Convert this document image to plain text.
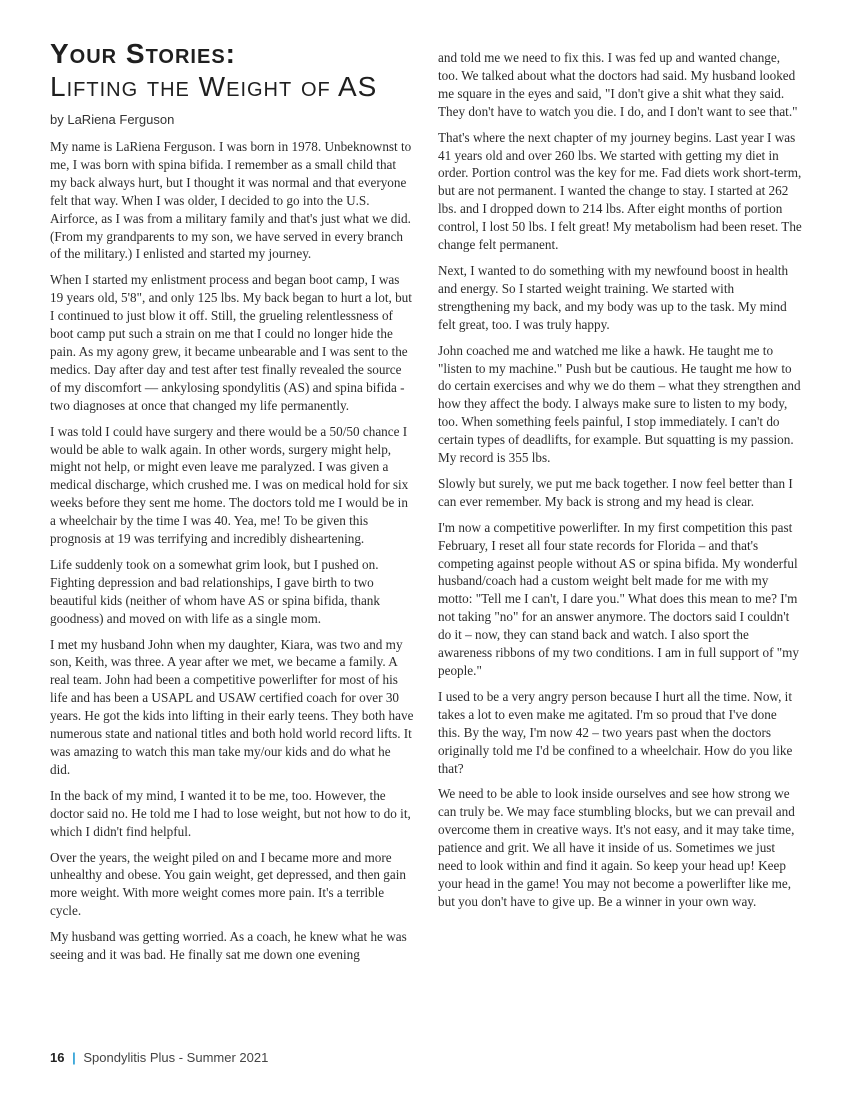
Your Stories:
Lifting the Weight of AS
by LaRiena Ferguson

My name is LaRiena Ferguson. I was born in 1978. Unbeknownst to me, I was born with spina bifida. I remember as a small child that my back always hurt, but I thought it was normal and that everyone felt that way. When I was older, I decided to go into the U.S. Airforce, as I was from a military family and that's just what we did. (From my grandparents to my son, we have served in every branch of the military.) I enlisted and started my journey.

When I started my enlistment process and began boot camp, I was 19 years old, 5'8", and only 125 lbs. My back began to hurt a lot, but I continued to just blow it off. Still, the grueling relentlessness of boot camp put such a strain on me that I could no longer hide the pain. As my agony grew, it became unbearable and I was sent to the medics. Day after day and test after test finally revealed the source of my discomfort — ankylosing spondylitis (AS) and spina bifida - two diagnoses at once that changed my life permanently.

I was told I could have surgery and there would be a 50/50 chance I would be able to walk again. In other words, surgery might help, might not help, or might even leave me paralyzed. I was given a medical discharge, which crushed me. I was on medical hold for six weeks before they sent me home. The doctors told me I would be in a wheelchair by the time I was 40. Yea, me! To be given this prognosis at 19 was terrifying and incredibly disheartening.

Life suddenly took on a somewhat grim look, but I pushed on. Fighting depression and bad relationships, I gave birth to two beautiful kids (neither of whom have AS or spina bifida, thank goodness) and moved on with life as a single mom.

I met my husband John when my daughter, Kiara, was two and my son, Keith, was three. A year after we met, we became a family. A real team. John had been a competitive powerlifter for most of his life and has been a USAPL and USAW certified coach for over 30 years. He got the kids into lifting in their early teens. They both have numerous state and national titles and both hold world record lifts. It was amazing to watch this man take my/our kids and do what he did.

In the back of my mind, I wanted it to be me, too. However, the doctor said no. He told me I had to lose weight, but not how to do it, which I didn't find helpful.

Over the years, the weight piled on and I became more and more unhealthy and obese. You gain weight, get depressed, and then gain more weight. With more weight comes more pain. It's a terrible cycle.

My husband was getting worried. As a coach, he knew what he was seeing and it was bad. He finally sat me down one evening

and told me we need to fix this. I was fed up and wanted change, too. We talked about what the doctors had said. My husband looked me square in the eyes and said, "I don't give a shit what they said. They don't have to watch you die. I do, and I don't want to see that."

That's where the next chapter of my journey begins. Last year I was 41 years old and over 260 lbs. We started with getting my diet in order. Portion control was the key for me. Fad diets work short-term, but are not permanent. I wanted the change to stay. I started at 262 lbs. and I dropped down to 214 lbs. After eight months of portion control, I lost 50 lbs. I felt great! My metabolism had been reset. The change felt permanent.

Next, I wanted to do something with my newfound boost in health and energy. So I started weight training. We started with strengthening my back, and my body was up to the task. My mind felt great, too. I was truly happy.

John coached me and watched me like a hawk. He taught me to "listen to my machine." Push but be cautious. He taught me how to do certain exercises and why we do them – what they strengthen and how they affect the body. I always make sure to listen to my body, too. When something feels painful, I stop immediately. I can't do certain types of deadlifts, for example. But squatting is my passion. My record is 355 lbs.

Slowly but surely, we put me back together. I now feel better than I can ever remember. My back is strong and my head is clear.

I'm now a competitive powerlifter. In my first competition this past February, I reset all four state records for Florida – and that's competing against people without AS or spina bifida. My wonderful husband/coach had a custom weight belt made for me with my motto: "Tell me I can't, I dare you." What does this mean to me? I'm not taking "no" for an answer anymore. The doctors said I couldn't do it – now, they can stand back and watch. I also sport the awareness ribbons of my two conditions. I am in full support of "my people."

I used to be a very angry person because I hurt all the time. Now, it takes a lot to even make me agitated. I'm so proud that I've done this. By the way, I'm now 42 – two years past when the doctors originally told me I'd be confined to a wheelchair. How do you like that?

We need to be able to look inside ourselves and see how strong we can truly be. We may face stumbling blocks, but we can prevail and overcome them in creative ways. It's not easy, and it may take time, patience and grit. We all have it inside of us. Sometimes we just need to look within and find it again. So keep your head up! Keep your head in the game! You may not become a powerlifter like me, but you don't have to give up. Be a winner in your own way.

16 | Spondylitis Plus - Summer 2021
